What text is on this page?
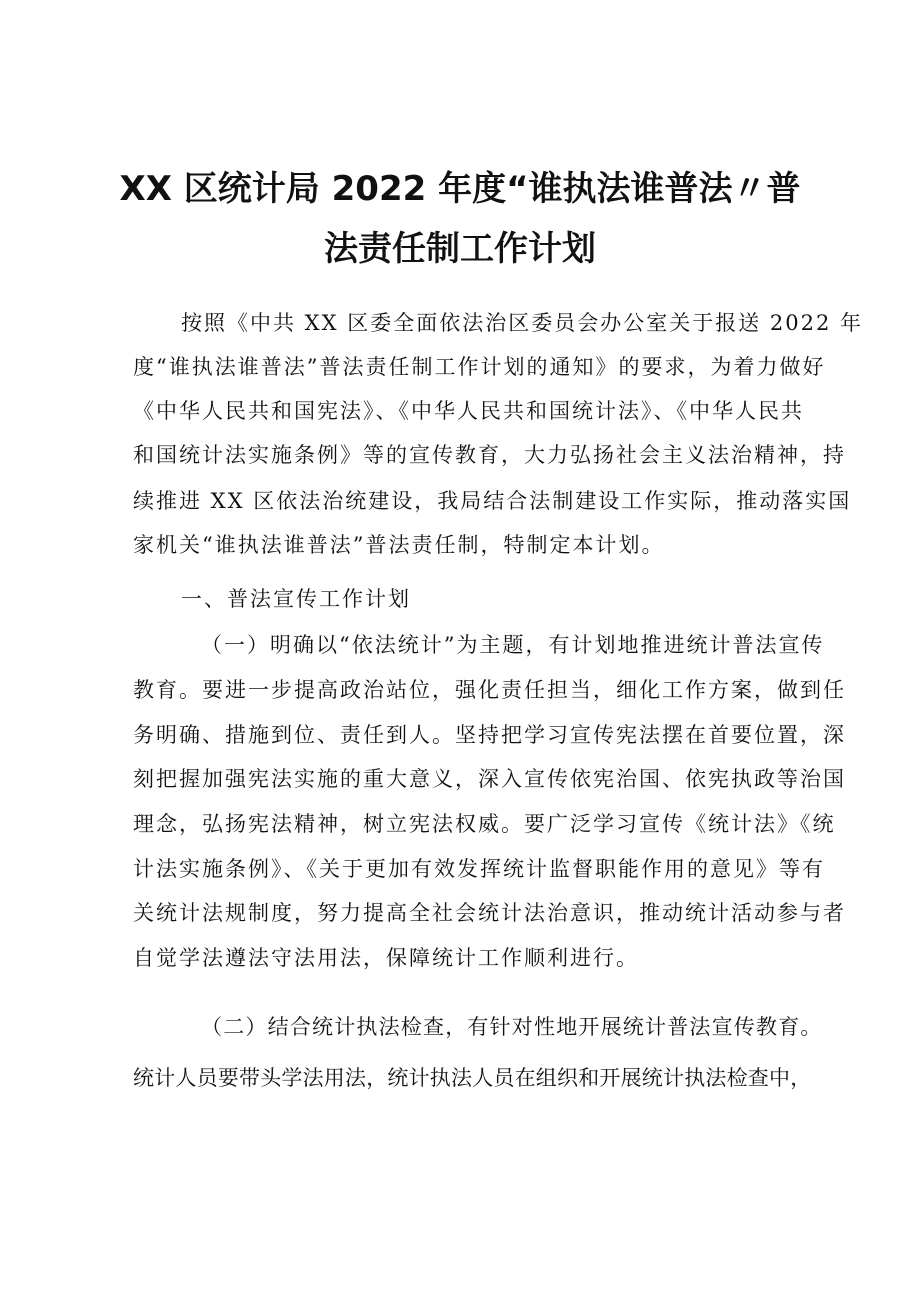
XX 区统计局 2022 年度“谁执法谁普法〃普
法责任制工作计划
按照《中共 XX 区委全面依法治区委员会办公室关于报送 2022 年
度“谁执法谁普法”普法责任制工作计划的通知》的要求，为着力做好
《中华人民共和国宪法》、《中华人民共和国统计法》、《中华人民共
和国统计法实施条例》等的宣传教育，大力弘扬社会主义法治精神，持
续推进 XX 区依法治统建设，我局结合法制建设工作实际，推动落实国
家机关“谁执法谁普法”普法责任制，特制定本计划。
一、普法宣传工作计划
（一）明确以“依法统计”为主题，有计划地推进统计普法宣传
教育。要进一步提高政治站位，强化责任担当，细化工作方案，做到任
务明确、措施到位、责任到人。坚持把学习宣传宪法摆在首要位置，深
刻把握加强宪法实施的重大意义，深入宣传依宪治国、依宪执政等治国
理念，弘扬宪法精神，树立宪法权威。要广泛学习宣传《统计法》《统
计法实施条例》、《关于更加有效发挥统计监督职能作用的意见》等有
关统计法规制度，努力提高全社会统计法治意识，推动统计活动参与者
自觉学法遵法守法用法，保障统计工作顺利进行。
（二）结合统计执法检查，有针对性地开展统计普法宣传教育。
统计人员要带头学法用法，统计执法人员在组织和开展统计执法检查中，
